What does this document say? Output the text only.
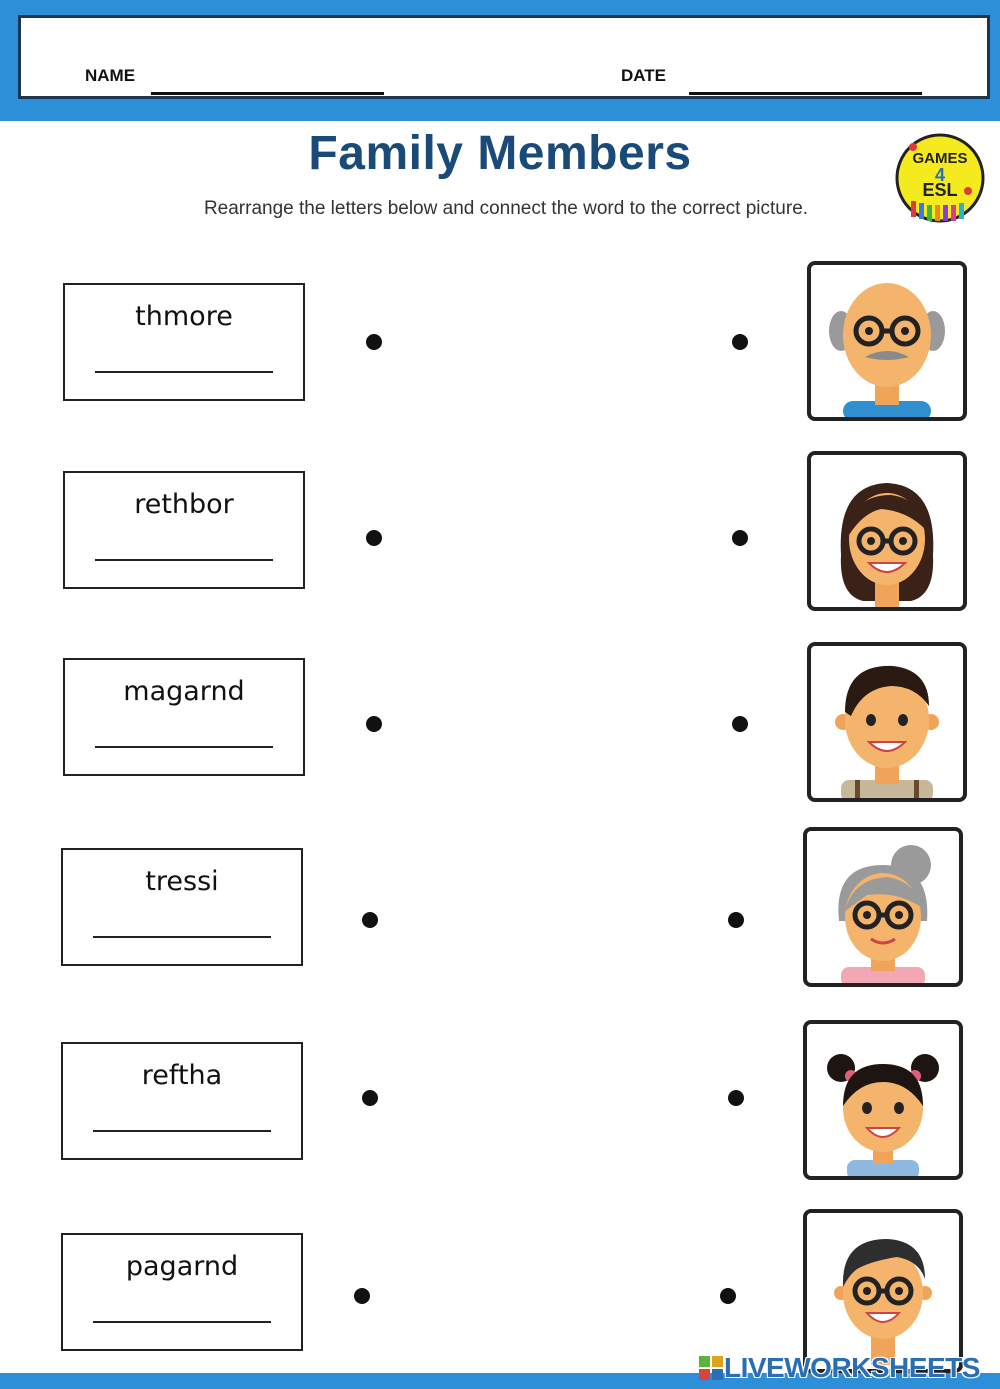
NAME	DATE
Family Members
Rearrange the letters below and connect the word to the correct picture.
GAMES
4
ESL
thmore
rethbor
magarnd
tressi
reftha
pagarnd
LIVEWORKSHEETS
